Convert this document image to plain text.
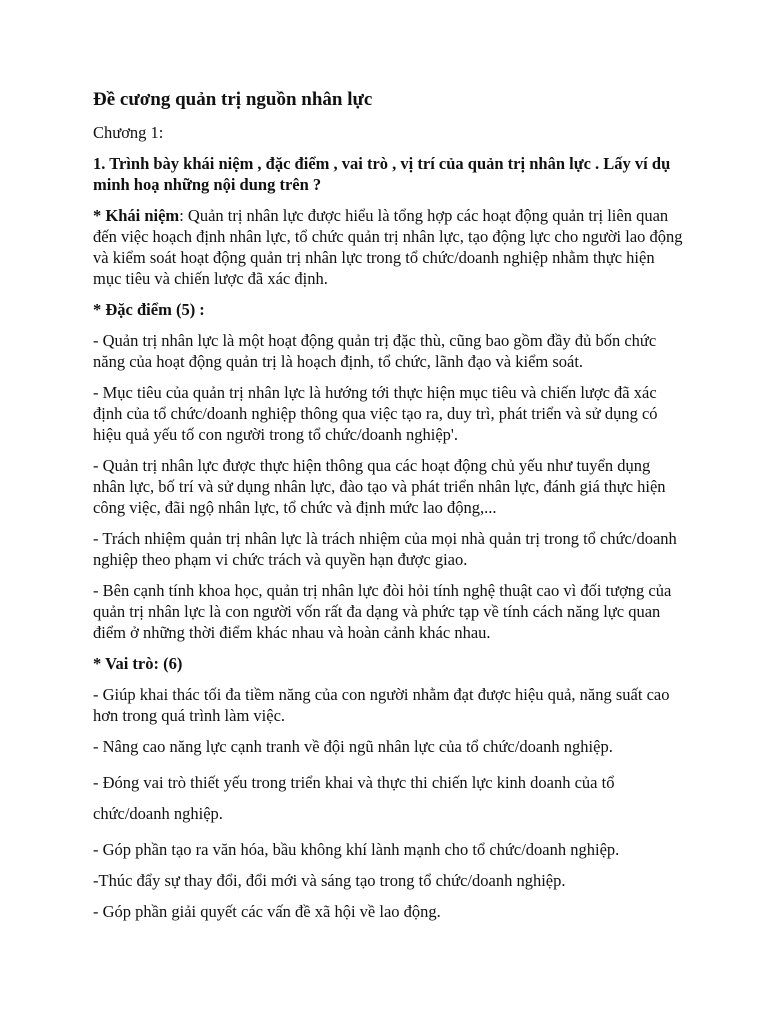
Đề cương quản trị nguồn nhân lực
Chương 1:
1. Trình bày khái niệm , đặc điểm , vai trò , vị trí của quản trị nhân lực . Lấy ví dụ minh hoạ những nội dung trên ?

* Khái niệm: Quản trị nhân lực được hiểu là tổng hợp các hoạt động quản trị liên quan đến việc hoạch định nhân lực, tổ chức quản trị nhân lực, tạo động lực cho người lao động và kiểm soát hoạt động quản trị nhân lực trong tổ chức/doanh nghiệp nhằm thực hiện mục tiêu và chiến lược đã xác định.

* Đặc điểm (5) :

- Quản trị nhân lực là một hoạt động quản trị đặc thù, cũng bao gồm đầy đủ bốn chức năng của hoạt động quản trị là hoạch định, tổ chức, lãnh đạo và kiểm soát.

- Mục tiêu của quản trị nhân lực là hướng tới thực hiện mục tiêu và chiến lược đã xác định của tổ chức/doanh nghiệp thông qua việc tạo ra, duy trì, phát triển và sử dụng có hiệu quả yếu tố con người trong tổ chức/doanh nghiệp'.

- Quản trị nhân lực được thực hiện thông qua các hoạt động chủ yếu như tuyển dụng nhân lực, bố trí và sử dụng nhân lực, đào tạo và phát triển nhân lực, đánh giá thực hiện công việc, đãi ngộ nhân lực, tổ chức và định mức lao động,...

- Trách nhiệm quản trị nhân lực là trách nhiệm của mọi nhà quản trị trong tổ chức/doanh nghiệp theo phạm vi chức trách và quyền hạn được giao.

- Bên cạnh tính khoa học, quản trị nhân lực đòi hỏi tính nghệ thuật cao vì đối tượng của quản trị nhân lực là con người vốn rất đa dạng và phức tạp về tính cách năng lực quan điểm ở những thời điểm khác nhau và hoàn cảnh khác nhau.

* Vai trò: (6)

- Giúp khai thác tối đa tiềm năng của con người nhằm đạt được hiệu quả, năng suất cao hơn trong quá trình làm việc.

- Nâng cao năng lực cạnh tranh về đội ngũ nhân lực của tổ chức/doanh nghiệp.

- Đóng vai trò thiết yếu trong triển khai và thực thi chiến lực kinh doanh của tổ chức/doanh nghiệp.

- Góp phần tạo ra văn hóa, bầu không khí lành mạnh cho tổ chức/doanh nghiệp.

-Thúc đẩy sự thay đổi, đổi mới và sáng tạo trong tổ chức/doanh nghiệp.

- Góp phần giải quyết các vấn đề xã hội về lao động.
